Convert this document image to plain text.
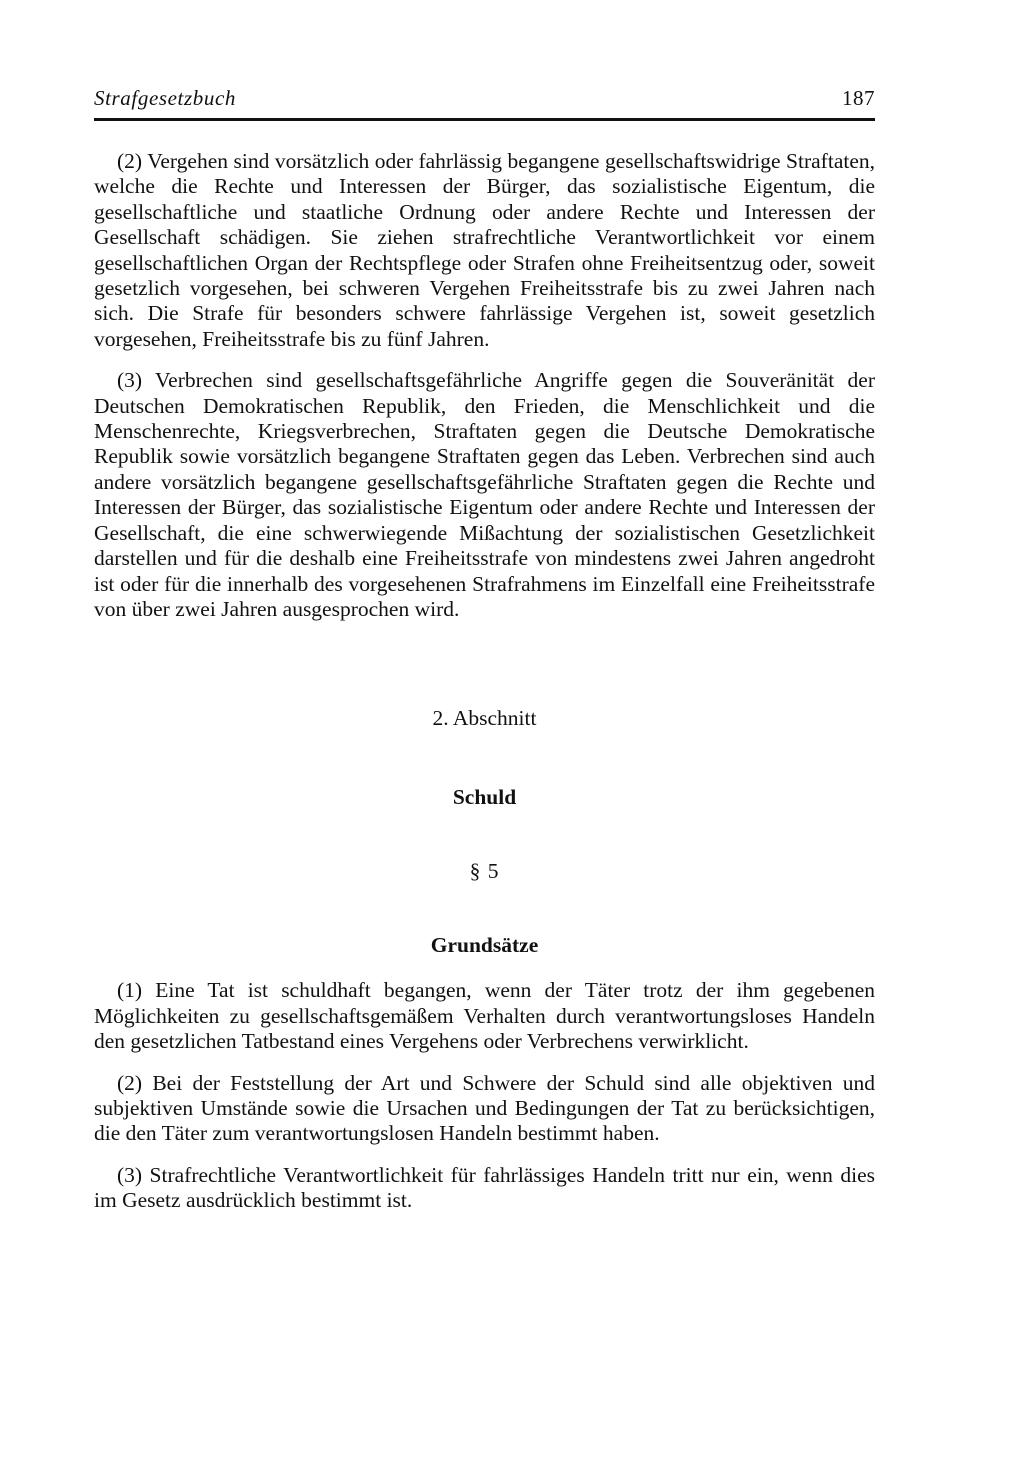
Strafgesetzbuch	187

(2) Vergehen sind vorsätzlich oder fahrlässig begangene gesellschaftswidrige Straftaten, welche die Rechte und Interessen der Bürger, das sozialistische Eigentum, die gesellschaftliche und staatliche Ordnung oder andere Rechte und Interessen der Gesellschaft schädigen. Sie ziehen strafrechtliche Verantwortlichkeit vor einem gesellschaftlichen Organ der Rechtspflege oder Strafen ohne Freiheitsentzug oder, soweit gesetzlich vorgesehen, bei schweren Vergehen Freiheitsstrafe bis zu zwei Jahren nach sich. Die Strafe für besonders schwere fahrlässige Vergehen ist, soweit gesetzlich vorgesehen, Freiheitsstrafe bis zu fünf Jahren.

(3) Verbrechen sind gesellschaftsgefährliche Angriffe gegen die Souveränität der Deutschen Demokratischen Republik, den Frieden, die Menschlichkeit und die Menschenrechte, Kriegsverbrechen, Straftaten gegen die Deutsche Demokratische Republik sowie vorsätzlich begangene Straftaten gegen das Leben. Verbrechen sind auch andere vorsätzlich begangene gesellschaftsgefährliche Straftaten gegen die Rechte und Interessen der Bürger, das sozialistische Eigentum oder andere Rechte und Interessen der Gesellschaft, die eine schwerwiegende Mißachtung der sozialistischen Gesetzlichkeit darstellen und für die deshalb eine Freiheitsstrafe von mindestens zwei Jahren angedroht ist oder für die innerhalb des vorgesehenen Strafrahmens im Einzelfall eine Freiheitsstrafe von über zwei Jahren ausgesprochen wird.

2. Abschnitt
Schuld
§ 5
Grundsätze

(1) Eine Tat ist schuldhaft begangen, wenn der Täter trotz der ihm gegebenen Möglichkeiten zu gesellschaftsgemäßem Verhalten durch verantwortungsloses Handeln den gesetzlichen Tatbestand eines Vergehens oder Verbrechens verwirklicht.

(2) Bei der Feststellung der Art und Schwere der Schuld sind alle objektiven und subjektiven Umstände sowie die Ursachen und Bedingungen der Tat zu berücksichtigen, die den Täter zum verantwortungslosen Handeln bestimmt haben.

(3) Strafrechtliche Verantwortlichkeit für fahrlässiges Handeln tritt nur ein, wenn dies im Gesetz ausdrücklich bestimmt ist.
